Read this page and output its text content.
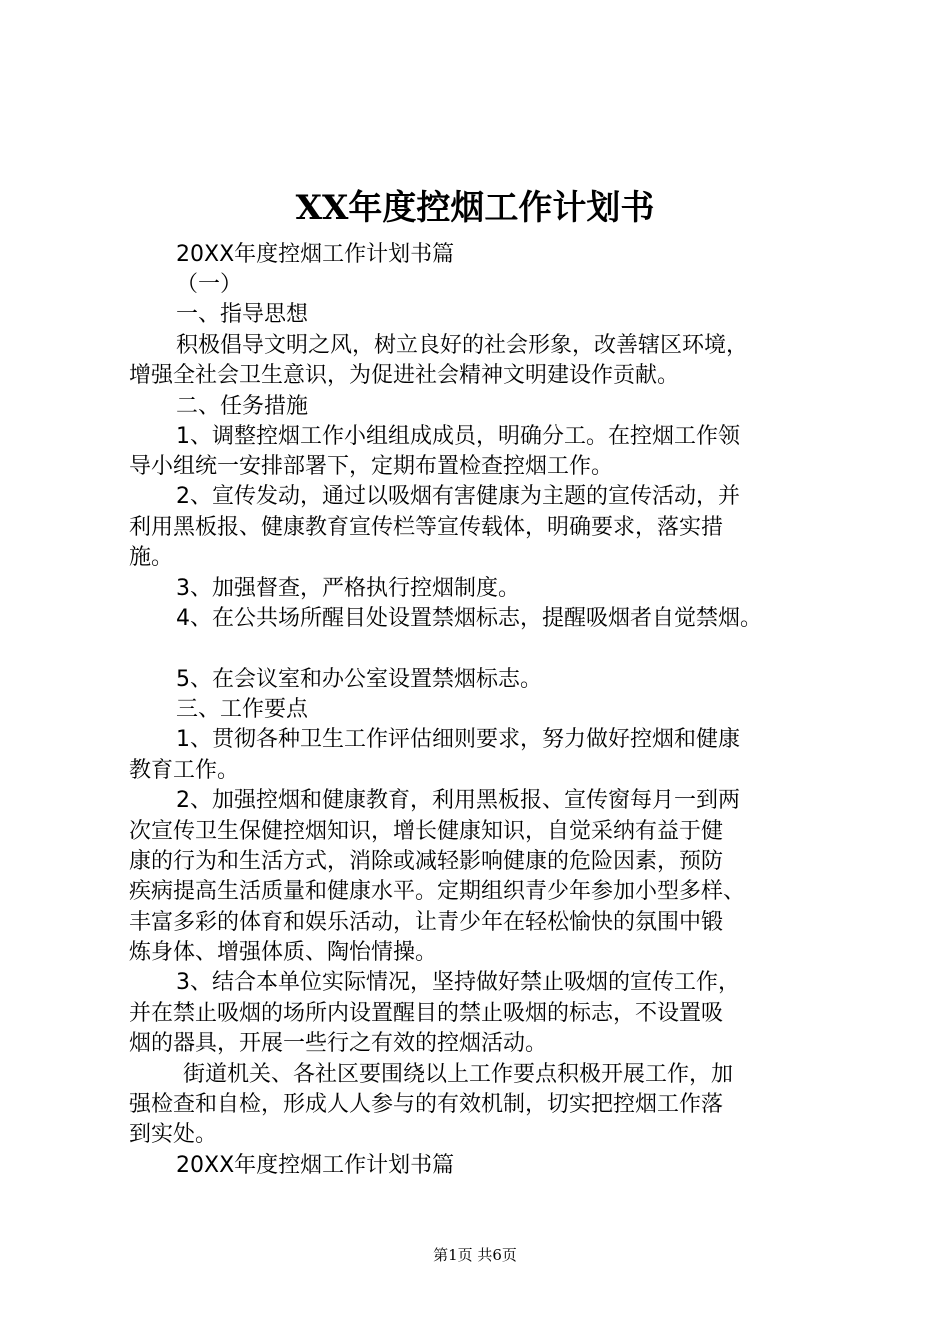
XX年度控烟工作计划书
20XX年度控烟工作计划书篇
（一）
一、指导思想
积极倡导文明之风，树立良好的社会形象，改善辖区环境，
增强全社会卫生意识，为促进社会精神文明建设作贡献。
二、任务措施
1、调整控烟工作小组组成成员，明确分工。在控烟工作领
导小组统一安排部署下，定期布置检查控烟工作。
2、宣传发动，通过以吸烟有害健康为主题的宣传活动，并
利用黑板报、健康教育宣传栏等宣传载体，明确要求，落实措
施。
3、加强督查，严格执行控烟制度。
4、在公共场所醒目处设置禁烟标志，提醒吸烟者自觉禁烟。
5、在会议室和办公室设置禁烟标志。
三、工作要点
1、贯彻各种卫生工作评估细则要求，努力做好控烟和健康
教育工作。
2、加强控烟和健康教育，利用黑板报、宣传窗每月一到两
次宣传卫生保健控烟知识，增长健康知识，自觉采纳有益于健
康的行为和生活方式，消除或减轻影响健康的危险因素，预防
疾病提高生活质量和健康水平。定期组织青少年参加小型多样、
丰富多彩的体育和娱乐活动，让青少年在轻松愉快的氛围中锻
炼身体、增强体质、陶怡情操。
3、结合本单位实际情况，坚持做好禁止吸烟的宣传工作，
并在禁止吸烟的场所内设置醒目的禁止吸烟的标志，不设置吸
烟的器具，开展一些行之有效的控烟活动。
街道机关、各社区要围绕以上工作要点积极开展工作，加
强检查和自检，形成人人参与的有效机制，切实把控烟工作落
到实处。
20XX年度控烟工作计划书篇
第1页 共6页
